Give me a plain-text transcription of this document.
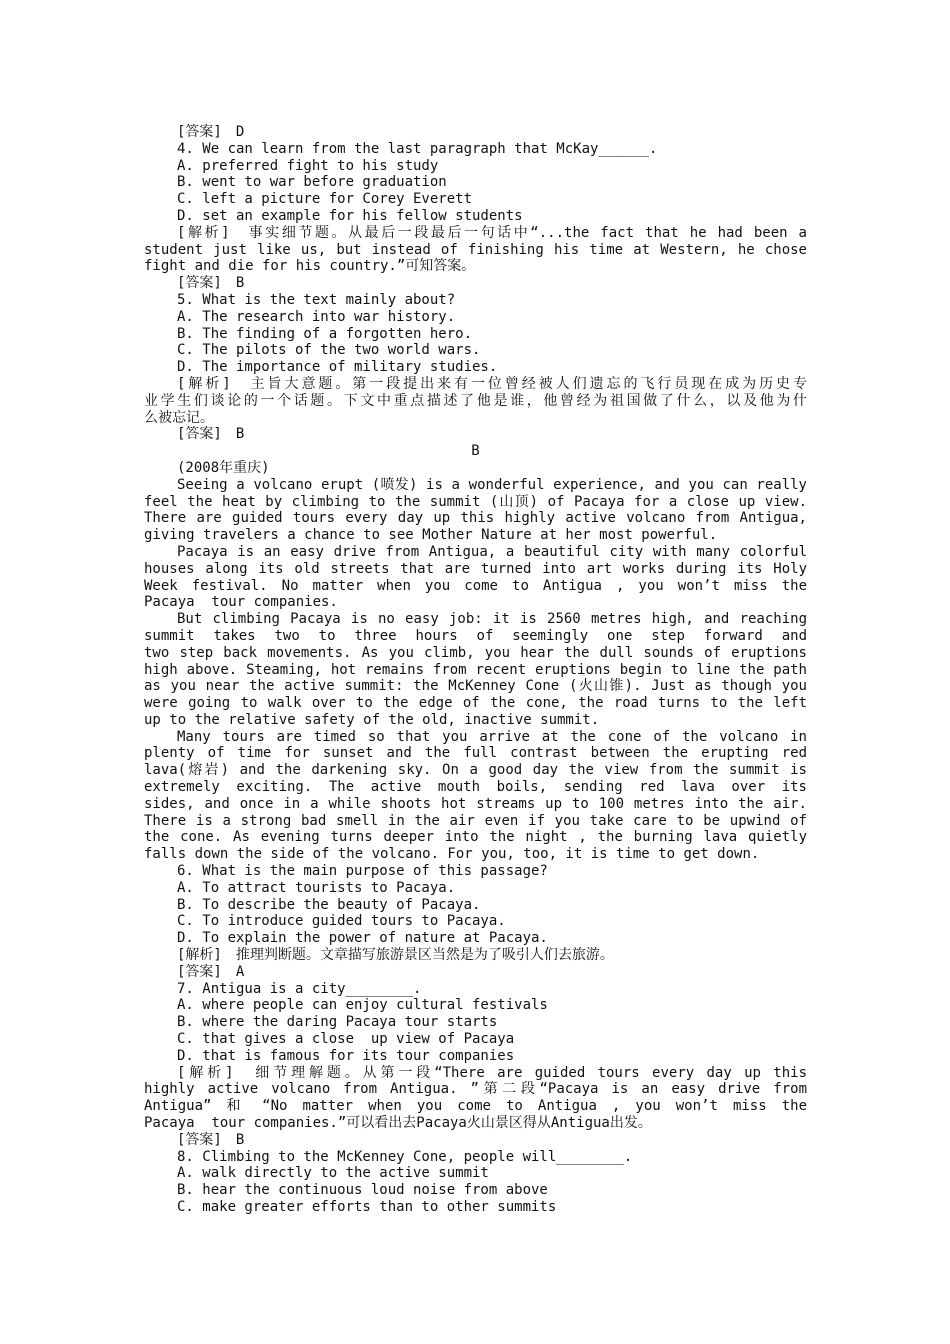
[答案]　D
4. We can learn from the last paragraph that McKay______.
A. preferred fight to his study
B. went to war before graduation
C. left a picture for Corey Everett
D. set an example for his fellow students
[解析]　事实细节题。从最后一段最后一句话中“...the fact that he had been a
student just like us, but instead of finishing his time at Western, he chose
fight and die for his country.”可知答案。
[答案]　B
5. What is the text mainly about?
A. The research into war history.
B. The finding of a forgotten hero.
C. The pilots of the two world wars.
D. The importance of military studies.
[解析]　主旨大意题。第一段提出来有一位曾经被人们遗忘的飞行员现在成为历史专
业学生们谈论的一个话题。下文中重点描述了他是谁，他曾经为祖国做了什么，以及他为什
么被忘记。
[答案]　B
B
(2008年重庆)
Seeing a volcano erupt (喷发) is a wonderful experience, and you can really
feel the heat by climbing to the summit (山顶) of Pacaya for a close up view.
There are guided tours every day up this highly active volcano from Antigua,
giving travelers a chance to see Mother Nature at her most powerful.
Pacaya is an easy drive from Antigua, a beautiful city with many colorful
houses along its old streets that are turned into art works during its Holy
Week festival. No matter when you come to Antigua , you won’t miss the
Pacaya  tour companies.
But climbing Pacaya is no easy job: it is 2560 metres high, and reaching
summit takes two to three hours of seemingly one step forward and
two step back movements. As you climb, you hear the dull sounds of eruptions
high above. Steaming, hot remains from recent eruptions begin to line the path
as you near the active summit: the McKenney Cone (火山锥). Just as though you
were going to walk over to the edge of the cone, the road turns to the left
up to the relative safety of the old, inactive summit.
Many tours are timed so that you arrive at the cone of the volcano in
plenty of time for sunset and the full contrast between the erupting red
lava(熔岩) and the darkening sky. On a good day the view from the summit is
extremely exciting. The active mouth boils, sending red lava over its
sides, and once in a while shoots hot streams up to 100 metres into the air.
There is a strong bad smell in the air even if you take care to be upwind of
the cone. As evening turns deeper into the night , the burning lava quietly
falls down the side of the volcano. For you, too, it is time to get down.
6. What is the main purpose of this passage?
A. To attract tourists to Pacaya.
B. To describe the beauty of Pacaya.
C. To introduce guided tours to Pacaya.
D. To explain the power of nature at Pacaya.
[解析]　推理判断题。文章描写旅游景区当然是为了吸引人们去旅游。
[答案]　A
7. Antigua is a city________.
A. where people can enjoy cultural festivals
B. where the daring Pacaya tour starts
C. that gives a close  up view of Pacaya
D. that is famous for its tour companies
[解析]　细节理解题。从第一段“There are guided tours every day up this
highly active volcano from Antigua. ”第二段“Pacaya is an easy drive from
Antigua” 和 “No matter when you come to Antigua , you won’t miss the
Pacaya  tour companies.”可以看出去Pacaya火山景区得从Antigua出发。
[答案]　B
8. Climbing to the McKenney Cone, people will________.
A. walk directly to the active summit
B. hear the continuous loud noise from above
C. make greater efforts than to other summits
